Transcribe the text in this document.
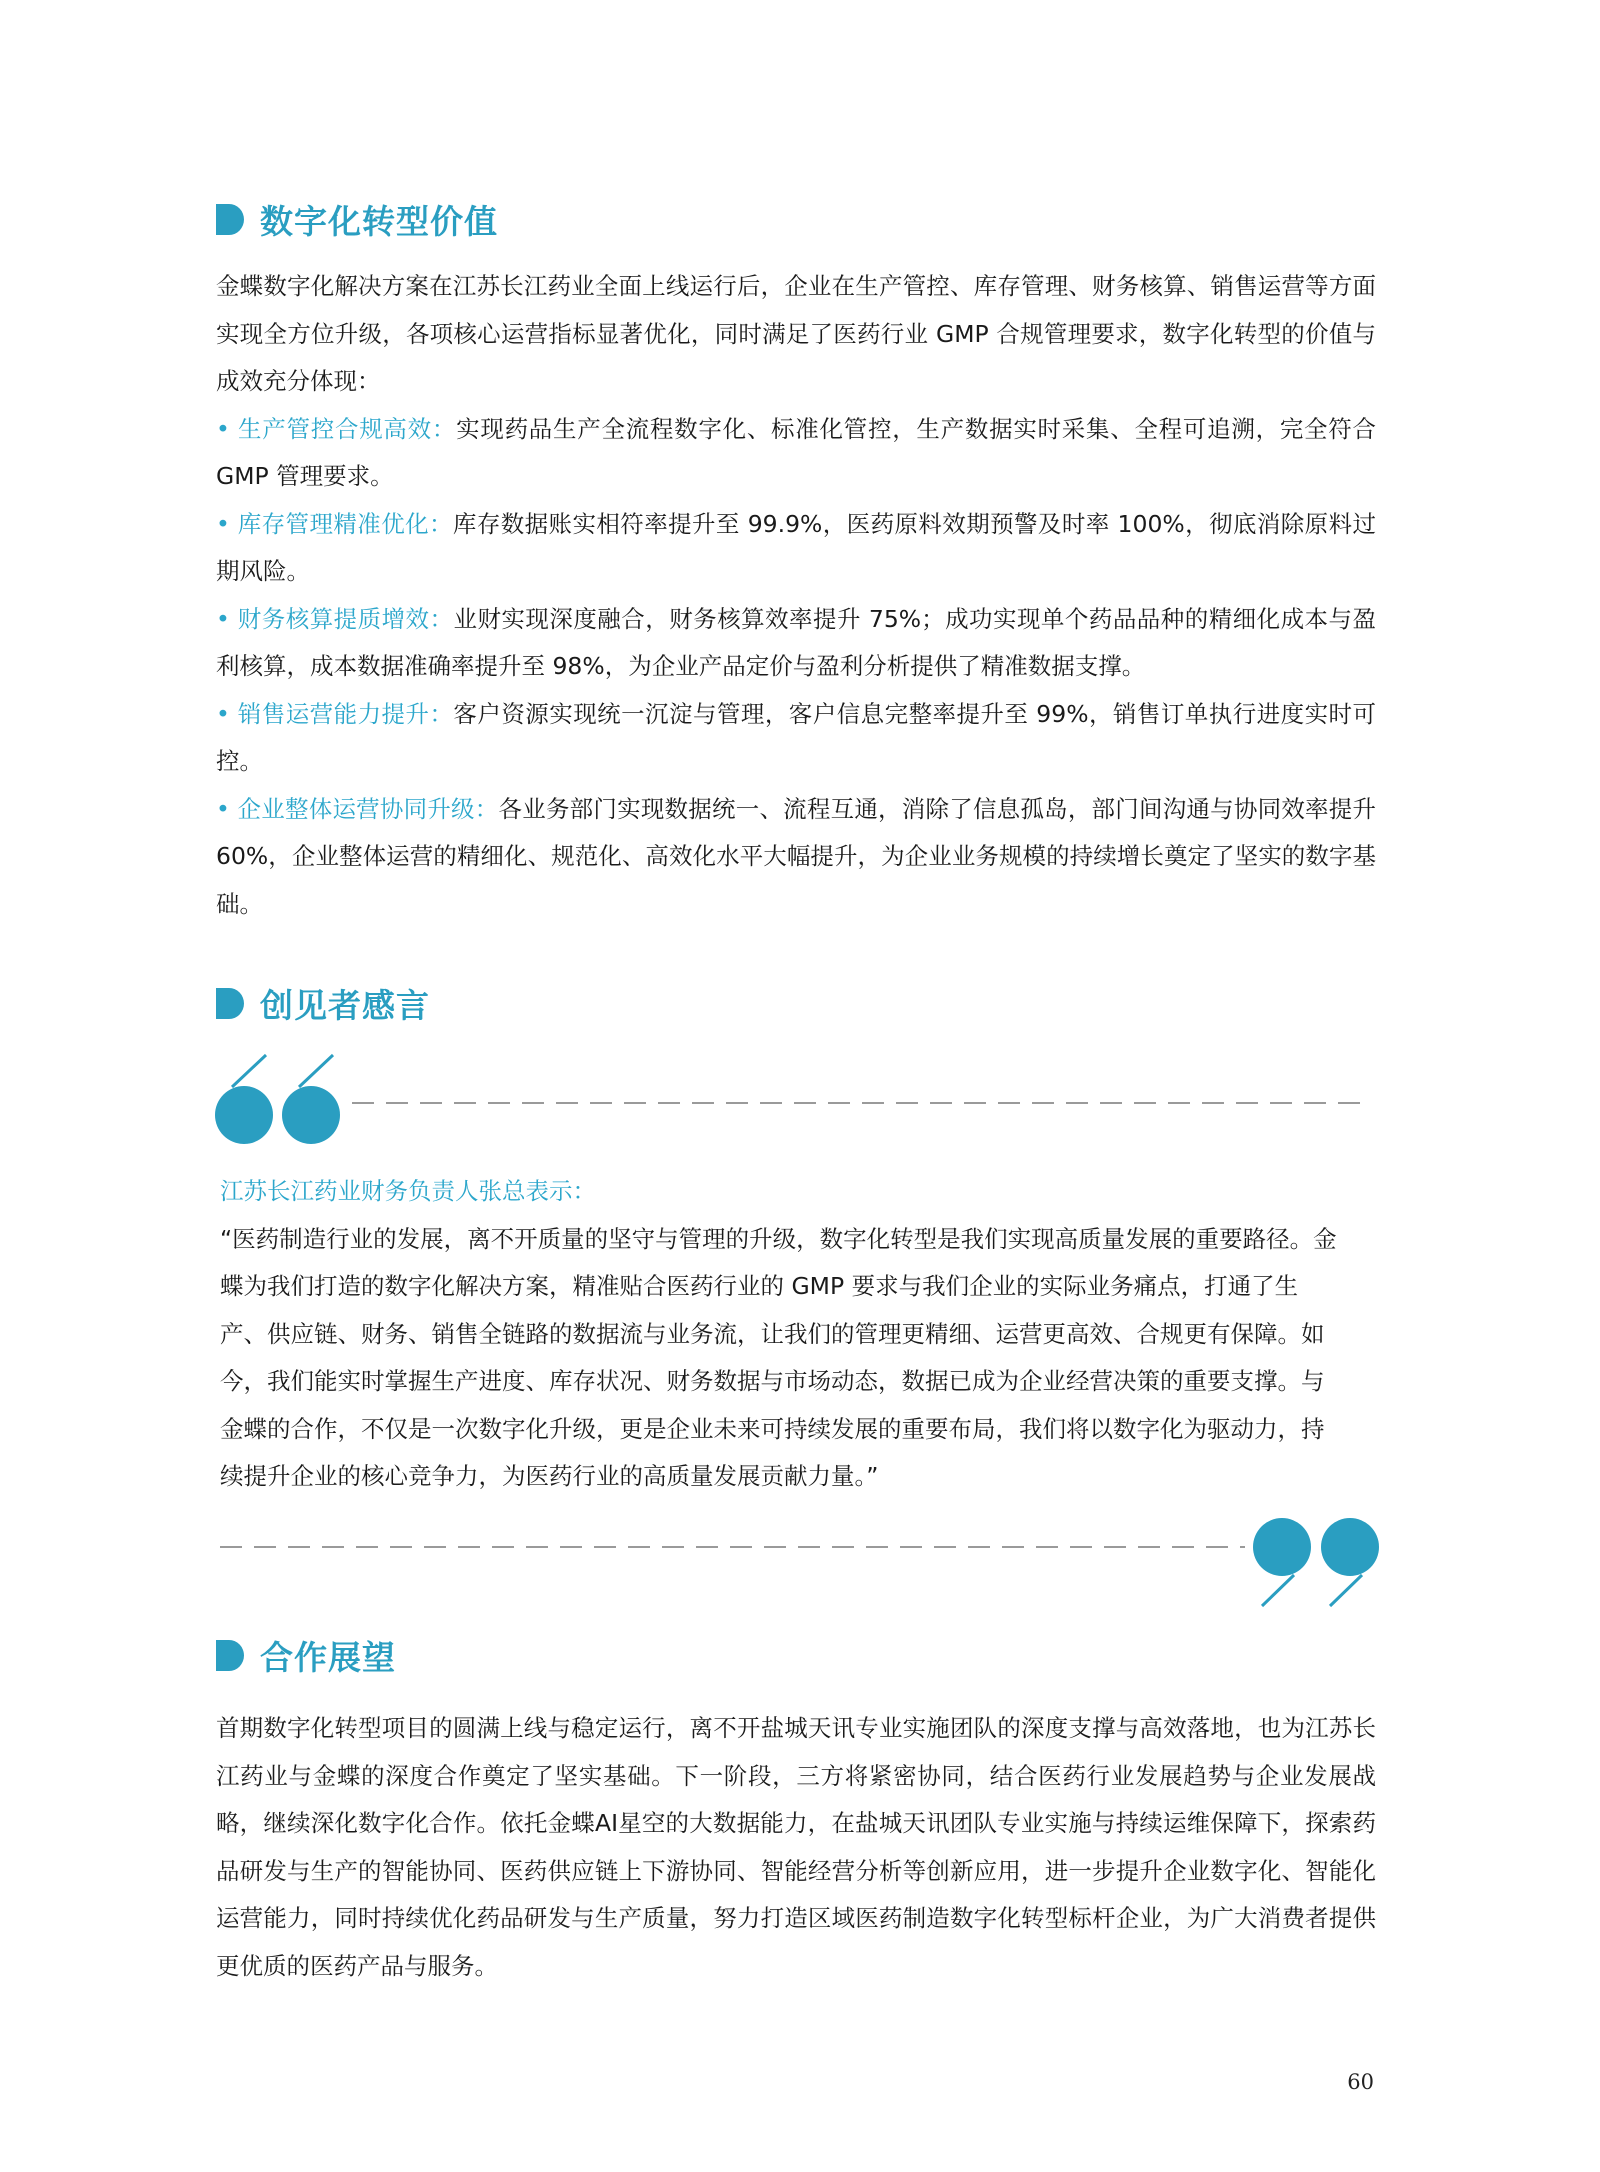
数字化转型价值

金蝶数字化解决方案在江苏长江药业全面上线运行后，企业在生产管控、库存管理、财务核算、销售运营等方面实现全方位升级，各项核心运营指标显著优化，同时满足了医药行业 GMP 合规管理要求，数字化转型的价值与成效充分体现：

• 生产管控合规高效：实现药品生产全流程数字化、标准化管控，生产数据实时采集、全程可追溯，完全符合 GMP 管理要求。

• 库存管理精准优化：库存数据账实相符率提升至 99.9%，医药原料效期预警及时率 100%，彻底消除原料过期风险。

• 财务核算提质增效：业财实现深度融合，财务核算效率提升 75%；成功实现单个药品品种的精细化成本与盈利核算，成本数据准确率提升至 98%，为企业产品定价与盈利分析提供了精准数据支撑。

• 销售运营能力提升：客户资源实现统一沉淀与管理，客户信息完整率提升至 99%，销售订单执行进度实时可控。

• 企业整体运营协同升级：各业务部门实现数据统一、流程互通，消除了信息孤岛，部门间沟通与协同效率提升60%，企业整体运营的精细化、规范化、高效化水平大幅提升，为企业业务规模的持续增长奠定了坚实的数字基础。

创见者感言

江苏长江药业财务负责人张总表示：

“医药制造行业的发展，离不开质量的坚守与管理的升级，数字化转型是我们实现高质量发展的重要路径。金蝶为我们打造的数字化解决方案，精准贴合医药行业的 GMP 要求与我们企业的实际业务痛点，打通了生产、供应链、财务、销售全链路的数据流与业务流，让我们的管理更精细、运营更高效、合规更有保障。如今，我们能实时掌握生产进度、库存状况、财务数据与市场动态，数据已成为企业经营决策的重要支撑。与金蝶的合作，不仅是一次数字化升级，更是企业未来可持续发展的重要布局，我们将以数字化为驱动力，持续提升企业的核心竞争力，为医药行业的高质量发展贡献力量。”

合作展望

首期数字化转型项目的圆满上线与稳定运行，离不开盐城天讯专业实施团队的深度支撑与高效落地，也为江苏长江药业与金蝶的深度合作奠定了坚实基础。下一阶段，三方将紧密协同，结合医药行业发展趋势与企业发展战略，继续深化数字化合作。依托金蝶AI星空的大数据能力，在盐城天讯团队专业实施与持续运维保障下，探索药品研发与生产的智能协同、医药供应链上下游协同、智能经营分析等创新应用，进一步提升企业数字化、智能化运营能力，同时持续优化药品研发与生产质量，努力打造区域医药制造数字化转型标杆企业，为广大消费者提供更优质的医药产品与服务。

60
